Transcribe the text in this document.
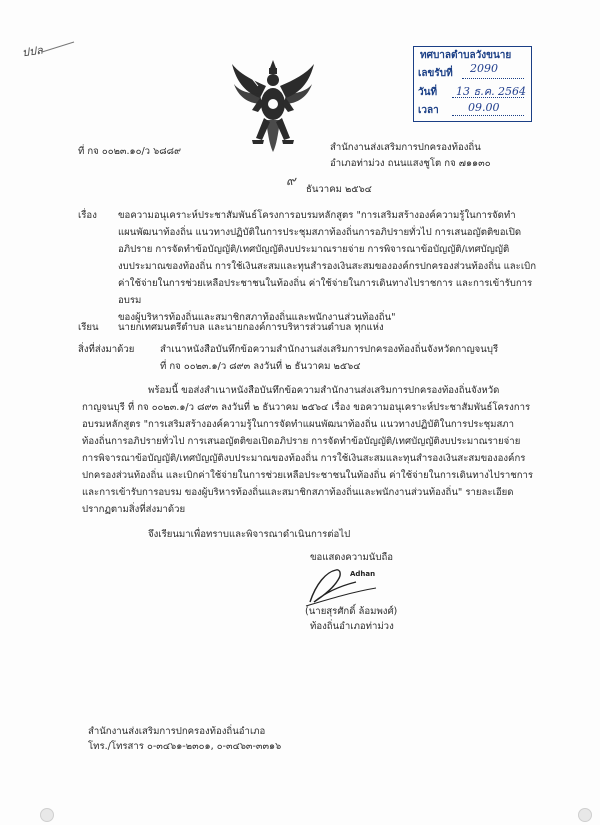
ปปล	ทศบาลตำบลวังขนาย
เลขรับที่ 2090
วันที่ 13 ธ.ค. 2564
เวลา	09.00
ที่ กจ ๐๐๒๓.๑๐/ว ๖๘๘๙	สำนักงานส่งเสริมการปกครองท้องถิ่น
อำเภอท่าม่วง ถนนแสงชูโต กจ ๗๑๑๓๐
๙
ธันวาคม ๒๕๖๔
เรื่อง ขอความอนุเคราะห์ประชาสัมพันธ์โครงการอบรมหลักสูตร "การเสริมสร้างองค์ความรู้ในการจัดทำ
แผนพัฒนาท้องถิ่น แนวทางปฏิบัติในการประชุมสภาท้องถิ่นการอภิปรายทั่วไป การเสนอญัตติขอเปิด
อภิปราย การจัดทำข้อบัญญัติ/เทศบัญญัติงบประมาณรายจ่าย การพิจารณาข้อบัญญัติ/เทศบัญญัติ
งบประมาณของท้องถิ่น การใช้เงินสะสมและทุนสำรองเงินสะสมขององค์กรปกครองส่วนท้องถิ่น และเบิก
ค่าใช้จ่ายในการช่วยเหลือประชาชนในท้องถิ่น ค่าใช้จ่ายในการเดินทางไปราชการ และการเข้ารับการอบรม
ของผู้บริหารท้องถิ่นและสมาชิกสภาท้องถิ่นและพนักงานส่วนท้องถิ่น"
เรียน นายกเทศมนตรีตำบล และนายกองค์การบริหารส่วนตำบล ทุกแห่ง
สิ่งที่ส่งมาด้วย	สำเนาหนังสือบันทึกข้อความสำนักงานส่งเสริมการปกครองท้องถิ่นจังหวัดกาญจนบุรี
ที่ กจ ๐๐๒๓.๑/ว ๘๙๓ ลงวันที่ ๒ ธันวาคม ๒๕๖๔
พร้อมนี้ ขอส่งสำเนาหนังสือบันทึกข้อความสำนักงานส่งเสริมการปกครองท้องถิ่นจังหวัด
กาญจนบุรี ที่ กจ ๐๐๒๓.๑/ว ๘๙๓ ลงวันที่ ๒ ธันวาคม ๒๕๖๔ เรื่อง ขอความอนุเคราะห์ประชาสัมพันธ์โครงการ
อบรมหลักสูตร "การเสริมสร้างองค์ความรู้ในการจัดทำแผนพัฒนาท้องถิ่น แนวทางปฏิบัติในการประชุมสภา
ท้องถิ่นการอภิปรายทั่วไป การเสนอญัตติขอเปิดอภิปราย การจัดทำข้อบัญญัติ/เทศบัญญัติงบประมาณรายจ่าย
การพิจารณาข้อบัญญัติ/เทศบัญญัติงบประมาณของท้องถิ่น การใช้เงินสะสมและทุนสำรองเงินสะสมขององค์กร
ปกครองส่วนท้องถิ่น และเบิกค่าใช้จ่ายในการช่วยเหลือประชาชนในท้องถิ่น ค่าใช้จ่ายในการเดินทางไปราชการ
และการเข้ารับการอบรม ของผู้บริหารท้องถิ่นและสมาชิกสภาท้องถิ่นและพนักงานส่วนท้องถิ่น" รายละเอียด
ปรากฏตามสิ่งที่ส่งมาด้วย
จึงเรียนมาเพื่อทราบและพิจารณาดำเนินการต่อไป
ขอแสดงความนับถือ
Adhan
(นายสุรศักดิ์ ล้อมพงศ์)
ท้องถิ่นอำเภอท่าม่วง
สำนักงานส่งเสริมการปกครองท้องถิ่นอำเภอ
โทร./โทรสาร ๐-๓๔๖๑-๒๓๐๑, ๐-๓๔๖๓-๓๓๑๖
